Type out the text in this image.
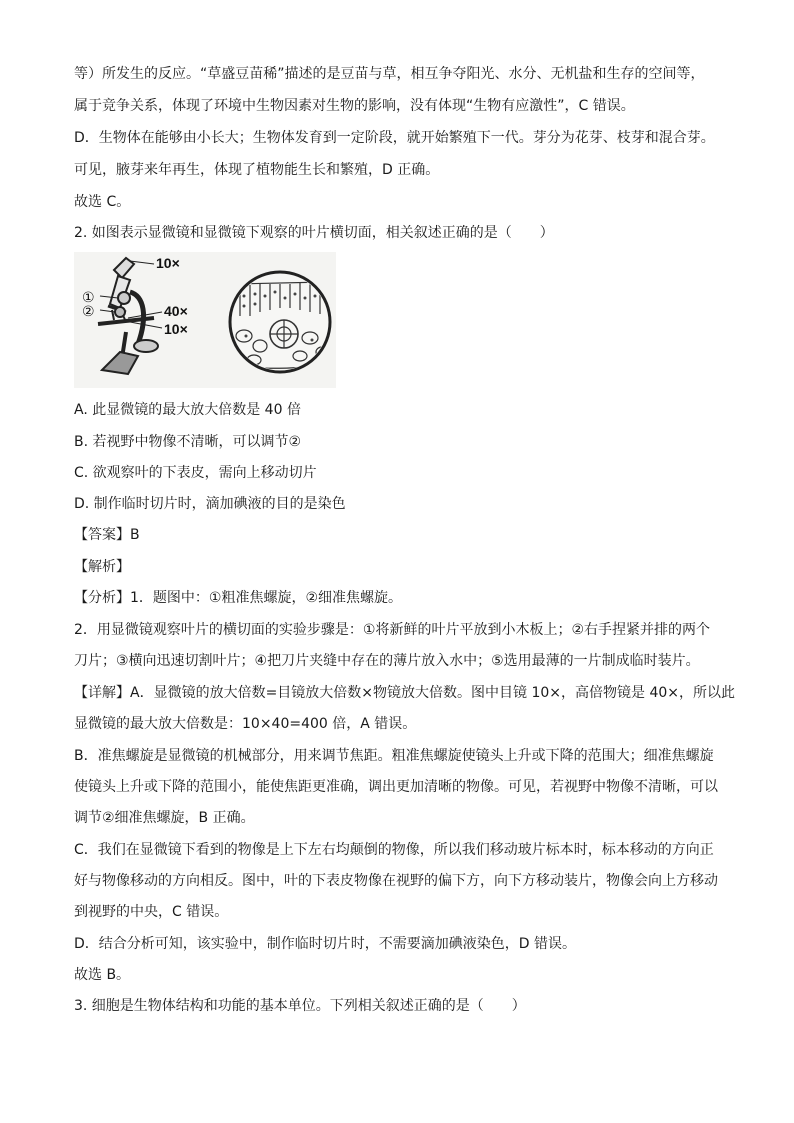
等）所发生的反应。“草盛豆苗稀”描述的是豆苗与草，相互争夺阳光、水分、无机盐和生存的空间等，
属于竞争关系，体现了环境中生物因素对生物的影响，没有体现“生物有应激性”，C 错误。
D．生物体在能够由小长大；生物体发育到一定阶段，就开始繁殖下一代。芽分为花芽、枝芽和混合芽。
可见，腋芽来年再生，体现了植物能生长和繁殖，D 正确。
故选 C。
2. 如图表示显微镜和显微镜下观察的叶片横切面，相关叙述正确的是（　　）
10×
①
②	40×
10×
A. 此显微镜的最大放大倍数是 40 倍
B. 若视野中物像不清晰，可以调节②
C. 欲观察叶的下表皮，需向上移动切片
D. 制作临时切片时，滴加碘液的目的是染色
【答案】B
【解析】
【分析】1．题图中：①粗准焦螺旋，②细准焦螺旋。
2．用显微镜观察叶片的横切面的实验步骤是：①将新鲜的叶片平放到小木板上；②右手捏紧并排的两个
刀片；③横向迅速切割叶片；④把刀片夹缝中存在的薄片放入水中；⑤选用最薄的一片制成临时装片。
【详解】A．显微镜的放大倍数=目镜放大倍数×物镜放大倍数。图中目镜 10×，高倍物镜是 40×，所以此
显微镜的最大放大倍数是：10×40=400 倍，A 错误。
B．准焦螺旋是显微镜的机械部分，用来调节焦距。粗准焦螺旋使镜头上升或下降的范围大；细准焦螺旋
使镜头上升或下降的范围小，能使焦距更准确，调出更加清晰的物像。可见，若视野中物像不清晰，可以
调节②细准焦螺旋，B 正确。
C．我们在显微镜下看到的物像是上下左右均颠倒的物像，所以我们移动玻片标本时，标本移动的方向正
好与物像移动的方向相反。图中，叶的下表皮物像在视野的偏下方，向下方移动装片，物像会向上方移动
到视野的中央，C 错误。
D．结合分析可知，该实验中，制作临时切片时，不需要滴加碘液染色，D 错误。
故选 B。
3. 细胞是生物体结构和功能的基本单位。下列相关叙述正确的是（　　）
